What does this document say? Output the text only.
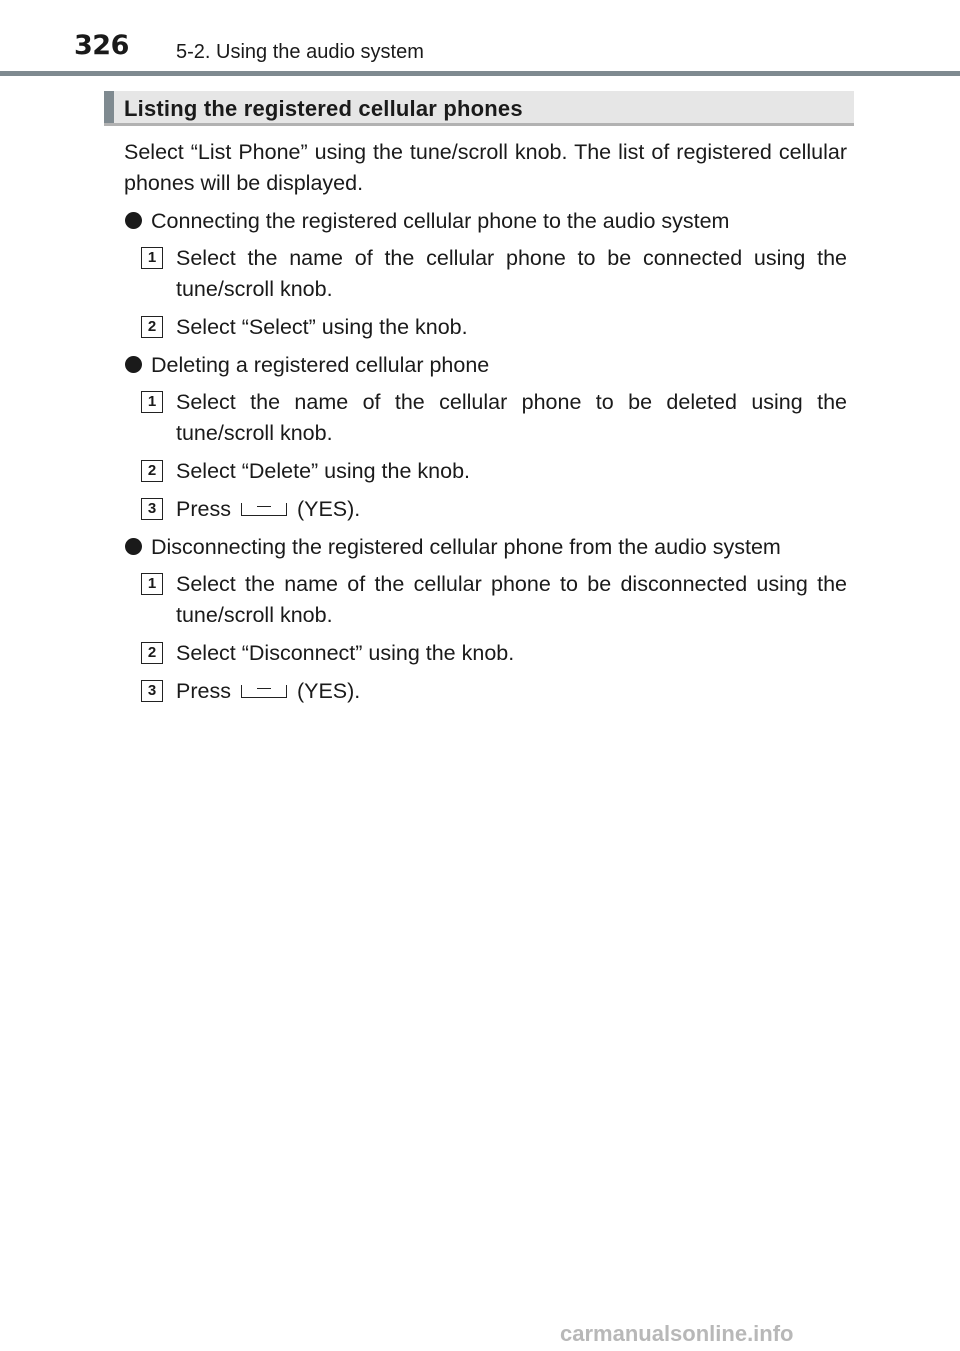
326 5-2. Using the audio system
Listing the registered cellular phones

Select “List Phone” using the tune/scroll knob. The list of registered cellular phones will be displayed.

Connecting the registered cellular phone to the audio system
1 Select the name of the cellular phone to be connected using the tune/scroll knob.
2 Select “Select” using the knob.
Deleting a registered cellular phone
1 Select the name of the cellular phone to be deleted using the tune/scroll knob.
2 Select “Delete” using the knob.
3 Press	(YES).
Disconnecting the registered cellular phone from the audio system
1 Select the name of the cellular phone to be disconnected using the tune/scroll knob.
2 Select “Disconnect” using the knob.
3 Press	(YES).
carmanualsonline.info
